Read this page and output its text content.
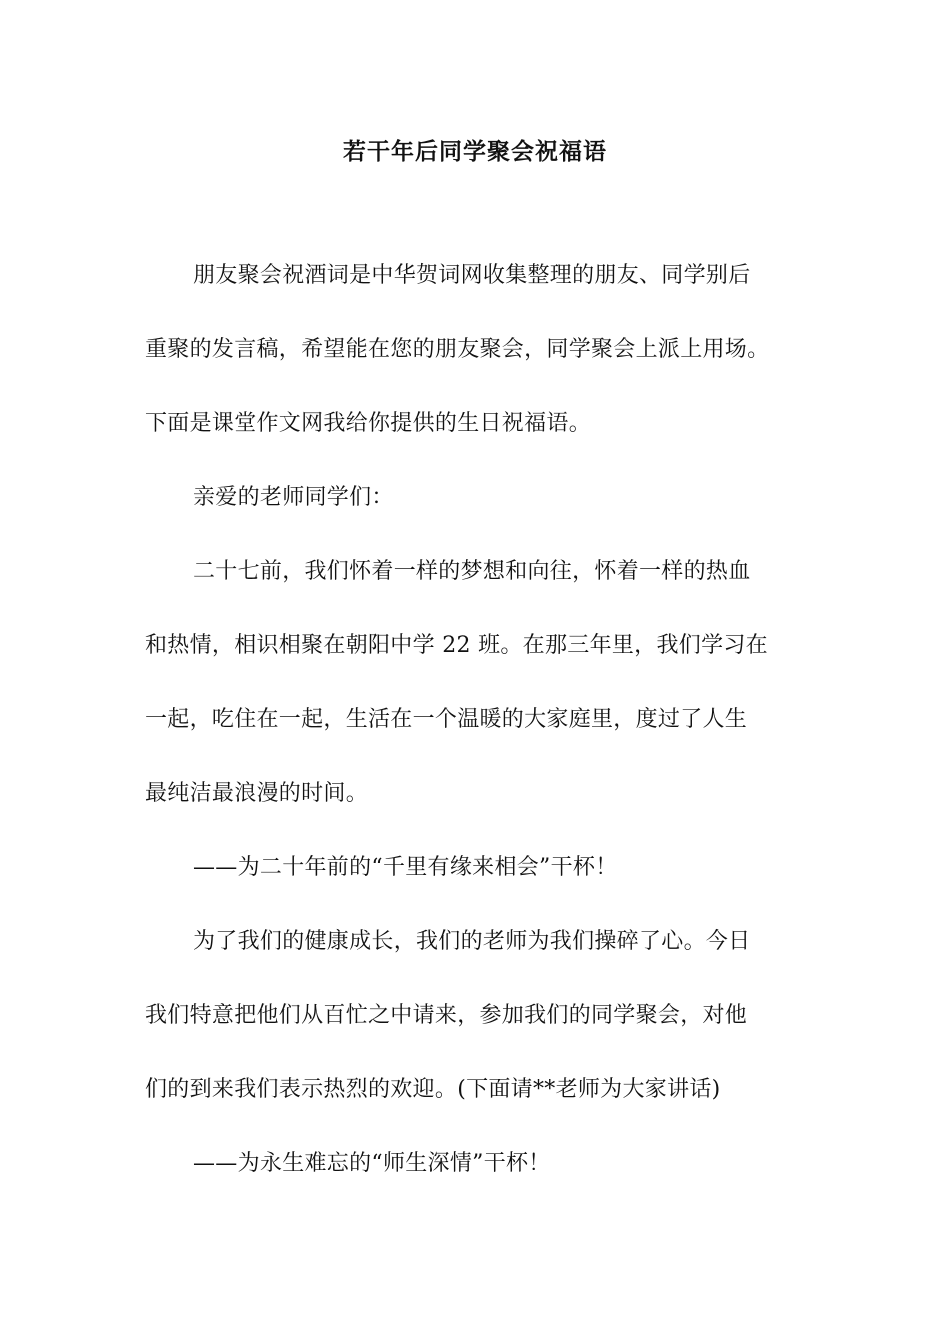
若干年后同学聚会祝福语
朋友聚会祝酒词是中华贺词网收集整理的朋友、同学别后
重聚的发言稿，希望能在您的朋友聚会，同学聚会上派上用场。
下面是课堂作文网我给你提供的生日祝福语。
亲爱的老师同学们：
二十七前，我们怀着一样的梦想和向往，怀着一样的热血
和热情，相识相聚在朝阳中学 22 班。在那三年里，我们学习在
一起，吃住在一起，生活在一个温暖的大家庭里，度过了人生
最纯洁最浪漫的时间。
——为二十年前的“千里有缘来相会”干杯！
为了我们的健康成长，我们的老师为我们操碎了心。今日
我们特意把他们从百忙之中请来，参加我们的同学聚会，对他
们的到来我们表示热烈的欢迎。(下面请**老师为大家讲话)
——为永生难忘的“师生深情”干杯！
